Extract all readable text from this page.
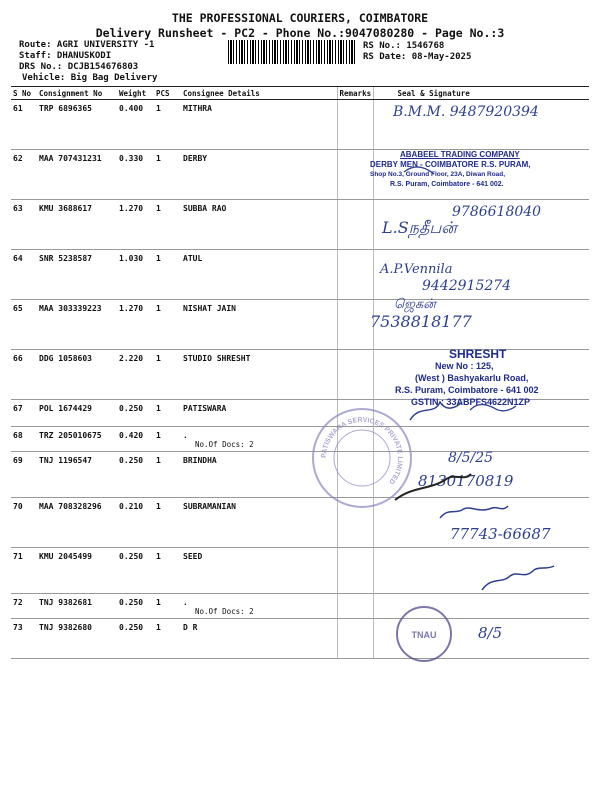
THE PROFESSIONAL COURIERS, COIMBATORE
Delivery Runsheet - PC2 - Phone No.:9047080280 - Page No.:3
Route: AGRI UNIVERSITY -1
Staff: DHANUSKODI
DRS No.: DCJB154676803
Vehicle: Big Bag Delivery
RS No.: 1546768
RS Date: 08-May-2025
S No	Consignment No	Weight	PCS	Consignee Details	Remarks	Seal & Signature
61	TRP 6896365	0.400	1	MITHRA		
62	MAA 707431231	0.330	1	DERBY		
63	KMU 3688617	1.270	1	SUBBA RAO		
64	SNR 5238587	1.030	1	ATUL		
65	MAA 303339223	1.270	1	NISHAT JAIN		
66	DDG 1058603	2.220	1	STUDIO SHRESHT		
67	POL 1674429	0.250	1	PATISWARA		
68	TRZ 205010675	0.420	1	.
No.Of Docs: 2		

69	TNJ 1196547	0.250	1	BRINDHA		
70	MAA 708328296	0.210	1	SUBRAMANIAN		
71	KMU 2045499	0.250	1	SEED		
72	TNJ 9382681	0.250	1	.
No.Of Docs: 2		

73	TNJ 9382680	0.250	1	D R		
B.M.M. 9487920394
ABABEEL TRADING COMPANY
DERBY MEN - COIMBATORE R.S. PURAM,
Shop No.3, Ground Floor, 23A, Diwan Road,
R.S. Puram, Coimbatore - 641 002.
9786618040
L.Sநதீபன்
A.P.Vennila
9442915274
ஜெகன்
7538818177
SHRESHT
New No : 125,
(West ) Bashyakarlu Road,
R.S. Puram, Coimbatore - 641 002
GSTIN : 33ABPFS4622N1ZP
PATISWARA SERVICES PRIVATE LIMITED
8/5/25
8130170819
77743-66687
TNAU	8/5
